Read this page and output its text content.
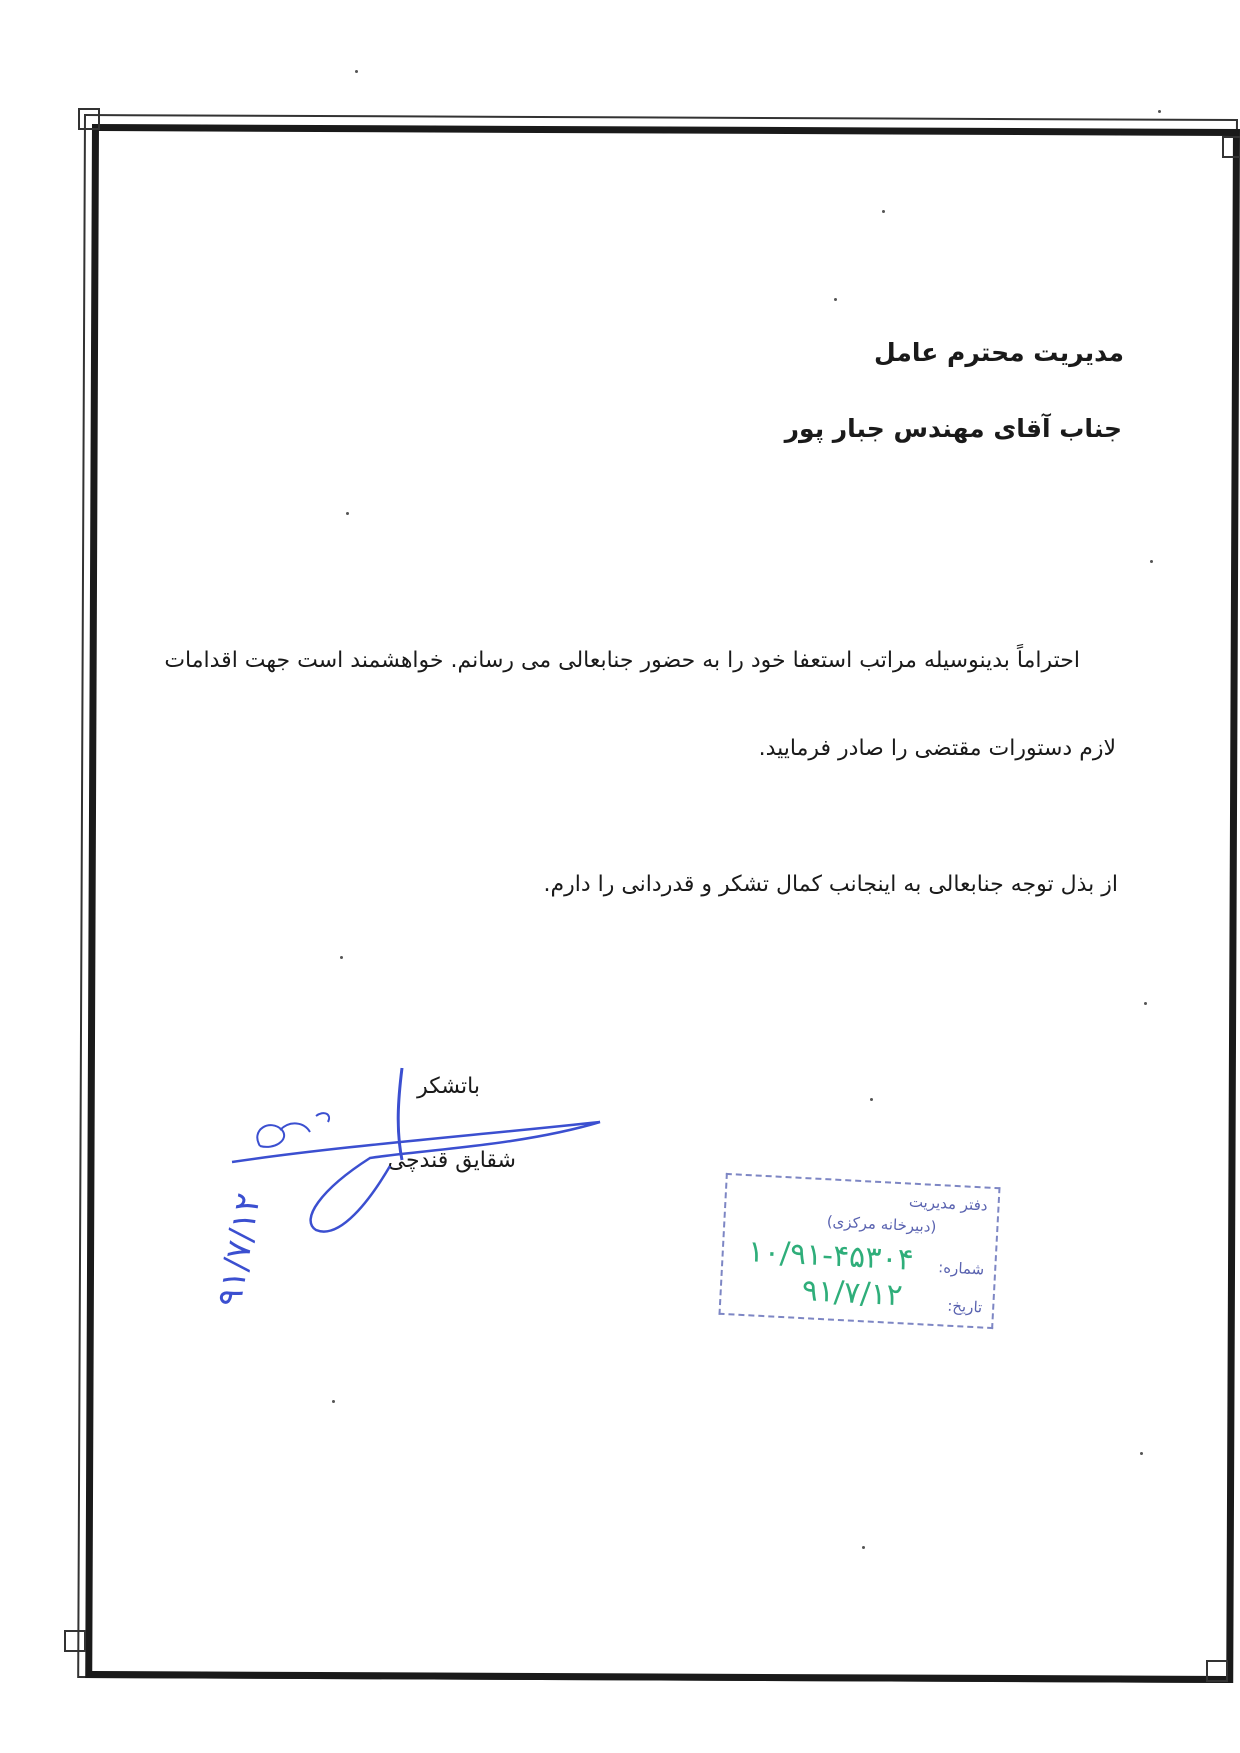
مدیریت محترم عامل
جناب آقای مهندس جبار پور
احتراماً بدینوسیله مراتب استعفا خود را به حضور جنابعالی می رسانم. خواهشمند است جهت اقدامات
لازم دستورات مقتضی را صادر فرمایید.
از بذل توجه جنابعالی به اینجانب کمال تشکر و قدردانی را دارم.
باتشکر
شقایق قندچی
۹۱/۷/۱۲	دفتر مدیریت
(دبیرخانه مرکزی)
شماره:
۱۰/۹۱-۴۵۳۰۴
تاریخ:
۹۱/۷/۱۲
